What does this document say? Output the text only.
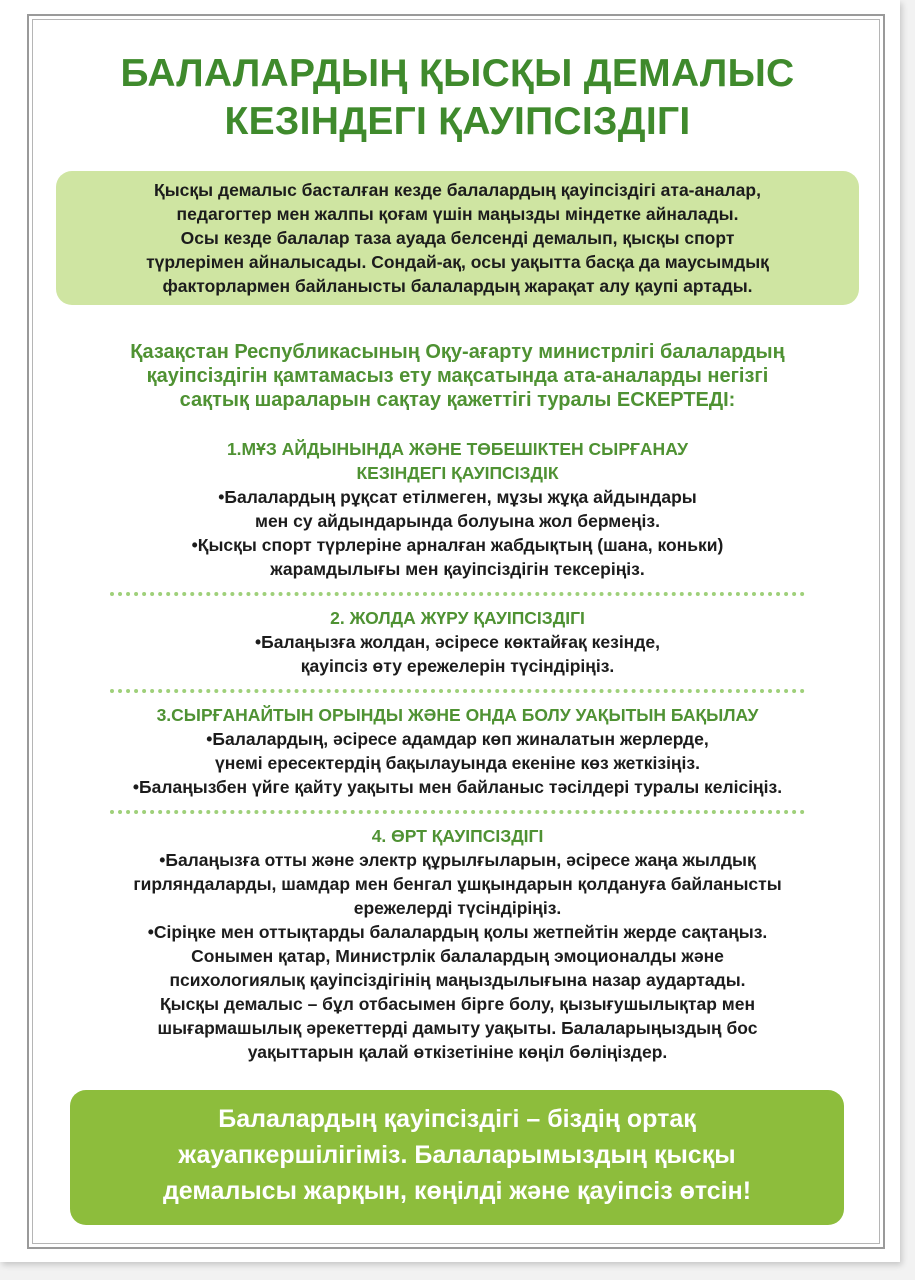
БАЛАЛАРДЫҢ ҚЫСҚЫ ДЕМАЛЫС
КЕЗІНДЕГІ ҚАУІПСІЗДІГІ
Қысқы демалыс басталған кезде балалардың қауіпсіздігі ата-аналар,
педагогтер мен жалпы қоғам үшін маңызды міндетке айналады.
Осы кезде балалар таза ауада белсенді демалып, қысқы спорт
түрлерімен айналысады. Сондай-ақ, осы уақытта басқа да маусымдық
факторлармен байланысты балалардың жарақат алу қаупі артады.
Қазақстан Республикасының Оқу-ағарту министрлігі балалардың
қауіпсіздігін қамтамасыз ету мақсатында ата-аналарды негізгі
сақтық шараларын сақтау қажеттігі туралы ЕСКЕРТЕДІ:
1.МҰЗ АЙДЫНЫНДА ЖӘНЕ ТӨБЕШІКТЕН СЫРҒАНАУ
КЕЗІНДЕГІ ҚАУІПСІЗДІК
•Балалардың рұқсат етілмеген, мұзы жұқа айдындары
мен су айдындарында болуына жол бермеңіз.
•Қысқы спорт түрлеріне арналған жабдықтың (шана, коньки)
жарамдылығы мен қауіпсіздігін тексеріңіз.
2. ЖОЛДА ЖҮРУ ҚАУІПСІЗДІГІ
•Балаңызға жолдан, әсіресе көктайғақ кезінде,
қауіпсіз өту ережелерін түсіндіріңіз.
3.СЫРҒАНАЙТЫН ОРЫНДЫ ЖӘНЕ ОНДА БОЛУ УАҚЫТЫН БАҚЫЛАУ
•Балалардың, әсіресе адамдар көп жиналатын жерлерде,
үнемі ересектердің бақылауында екеніне көз жеткізіңіз.
•Балаңызбен үйге қайту уақыты мен байланыс тәсілдері туралы келісіңіз.
4. ӨРТ ҚАУІПСІЗДІГІ
•Балаңызға отты және электр құрылғыларын, әсіресе жаңа жылдық
гирляндаларды, шамдар мен бенгал ұшқындарын қолдануға байланысты
ережелерді түсіндіріңіз.
•Сіріңке мен оттықтарды балалардың қолы жетпейтін жерде сақтаңыз.
Сонымен қатар, Министрлік балалардың эмоционалды және
психологиялық қауіпсіздігінің маңыздылығына назар аудартады.
Қысқы демалыс – бұл отбасымен бірге болу, қызығушылықтар мен
шығармашылық әрекеттерді дамыту уақыты. Балаларыңыздың бос
уақыттарын қалай өткізетініне көңіл бөліңіздер.
Балалардың қауіпсіздігі – біздің ортақ
жауапкершілігіміз. Балаларымыздың қысқы
демалысы жарқын, көңілді және қауіпсіз өтсін!
